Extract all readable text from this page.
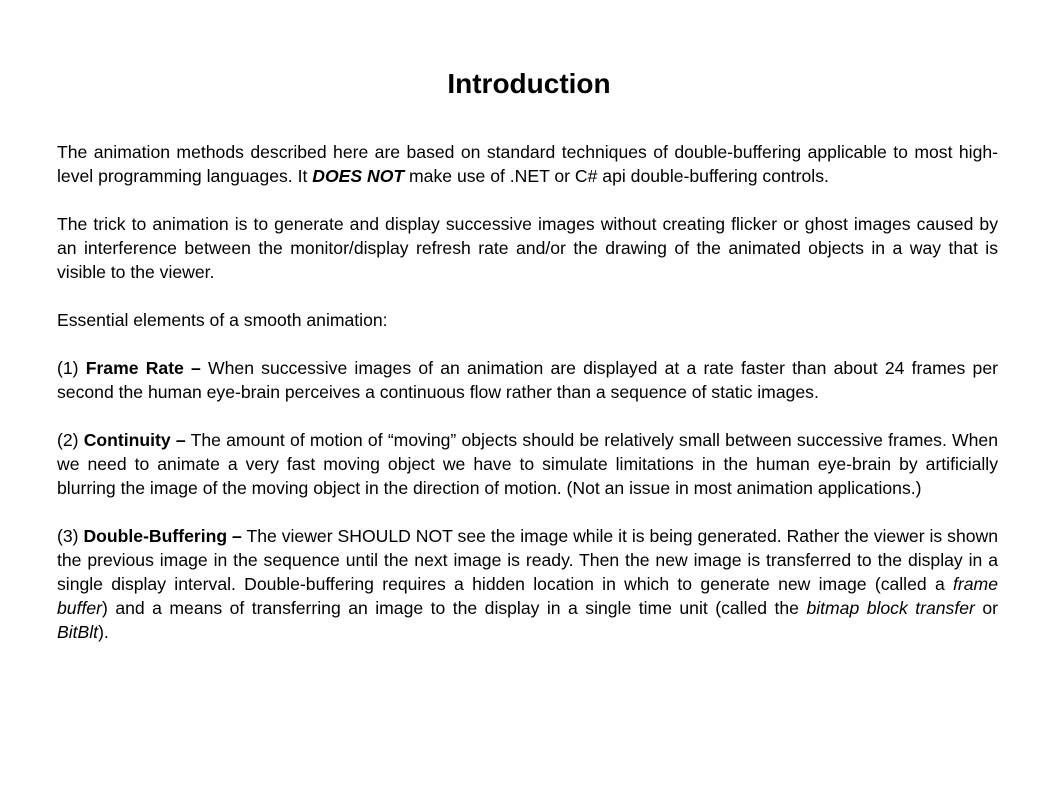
Introduction

The animation methods described here are based on standard techniques of double-buffering applicable to most high-level programming languages. It DOES NOT make use of .NET or C# api double-buffering controls.

The trick to animation is to generate and display successive images without creating flicker or ghost images caused by an interference between the monitor/display refresh rate and/or the drawing of the animated objects in a way that is visible to the viewer.

Essential elements of a smooth animation:

(1) Frame Rate – When successive images of an animation are displayed at a rate faster than about 24 frames per second the human eye-brain perceives a continuous flow rather than a sequence of static images.

(2) Continuity – The amount of motion of “moving” objects should be relatively small between successive frames. When we need to animate a very fast moving object we have to simulate limitations in the human eye-brain by artificially blurring the image of the moving object in the direction of motion. (Not an issue in most animation applications.)

(3) Double-Buffering – The viewer SHOULD NOT see the image while it is being generated. Rather the viewer is shown the previous image in the sequence until the next image is ready. Then the new image is transferred to the display in a single display interval. Double-buffering requires a hidden location in which to generate new image (called a frame buffer) and a means of transferring an image to the display in a single time unit (called the bitmap block transfer or BitBlt).
